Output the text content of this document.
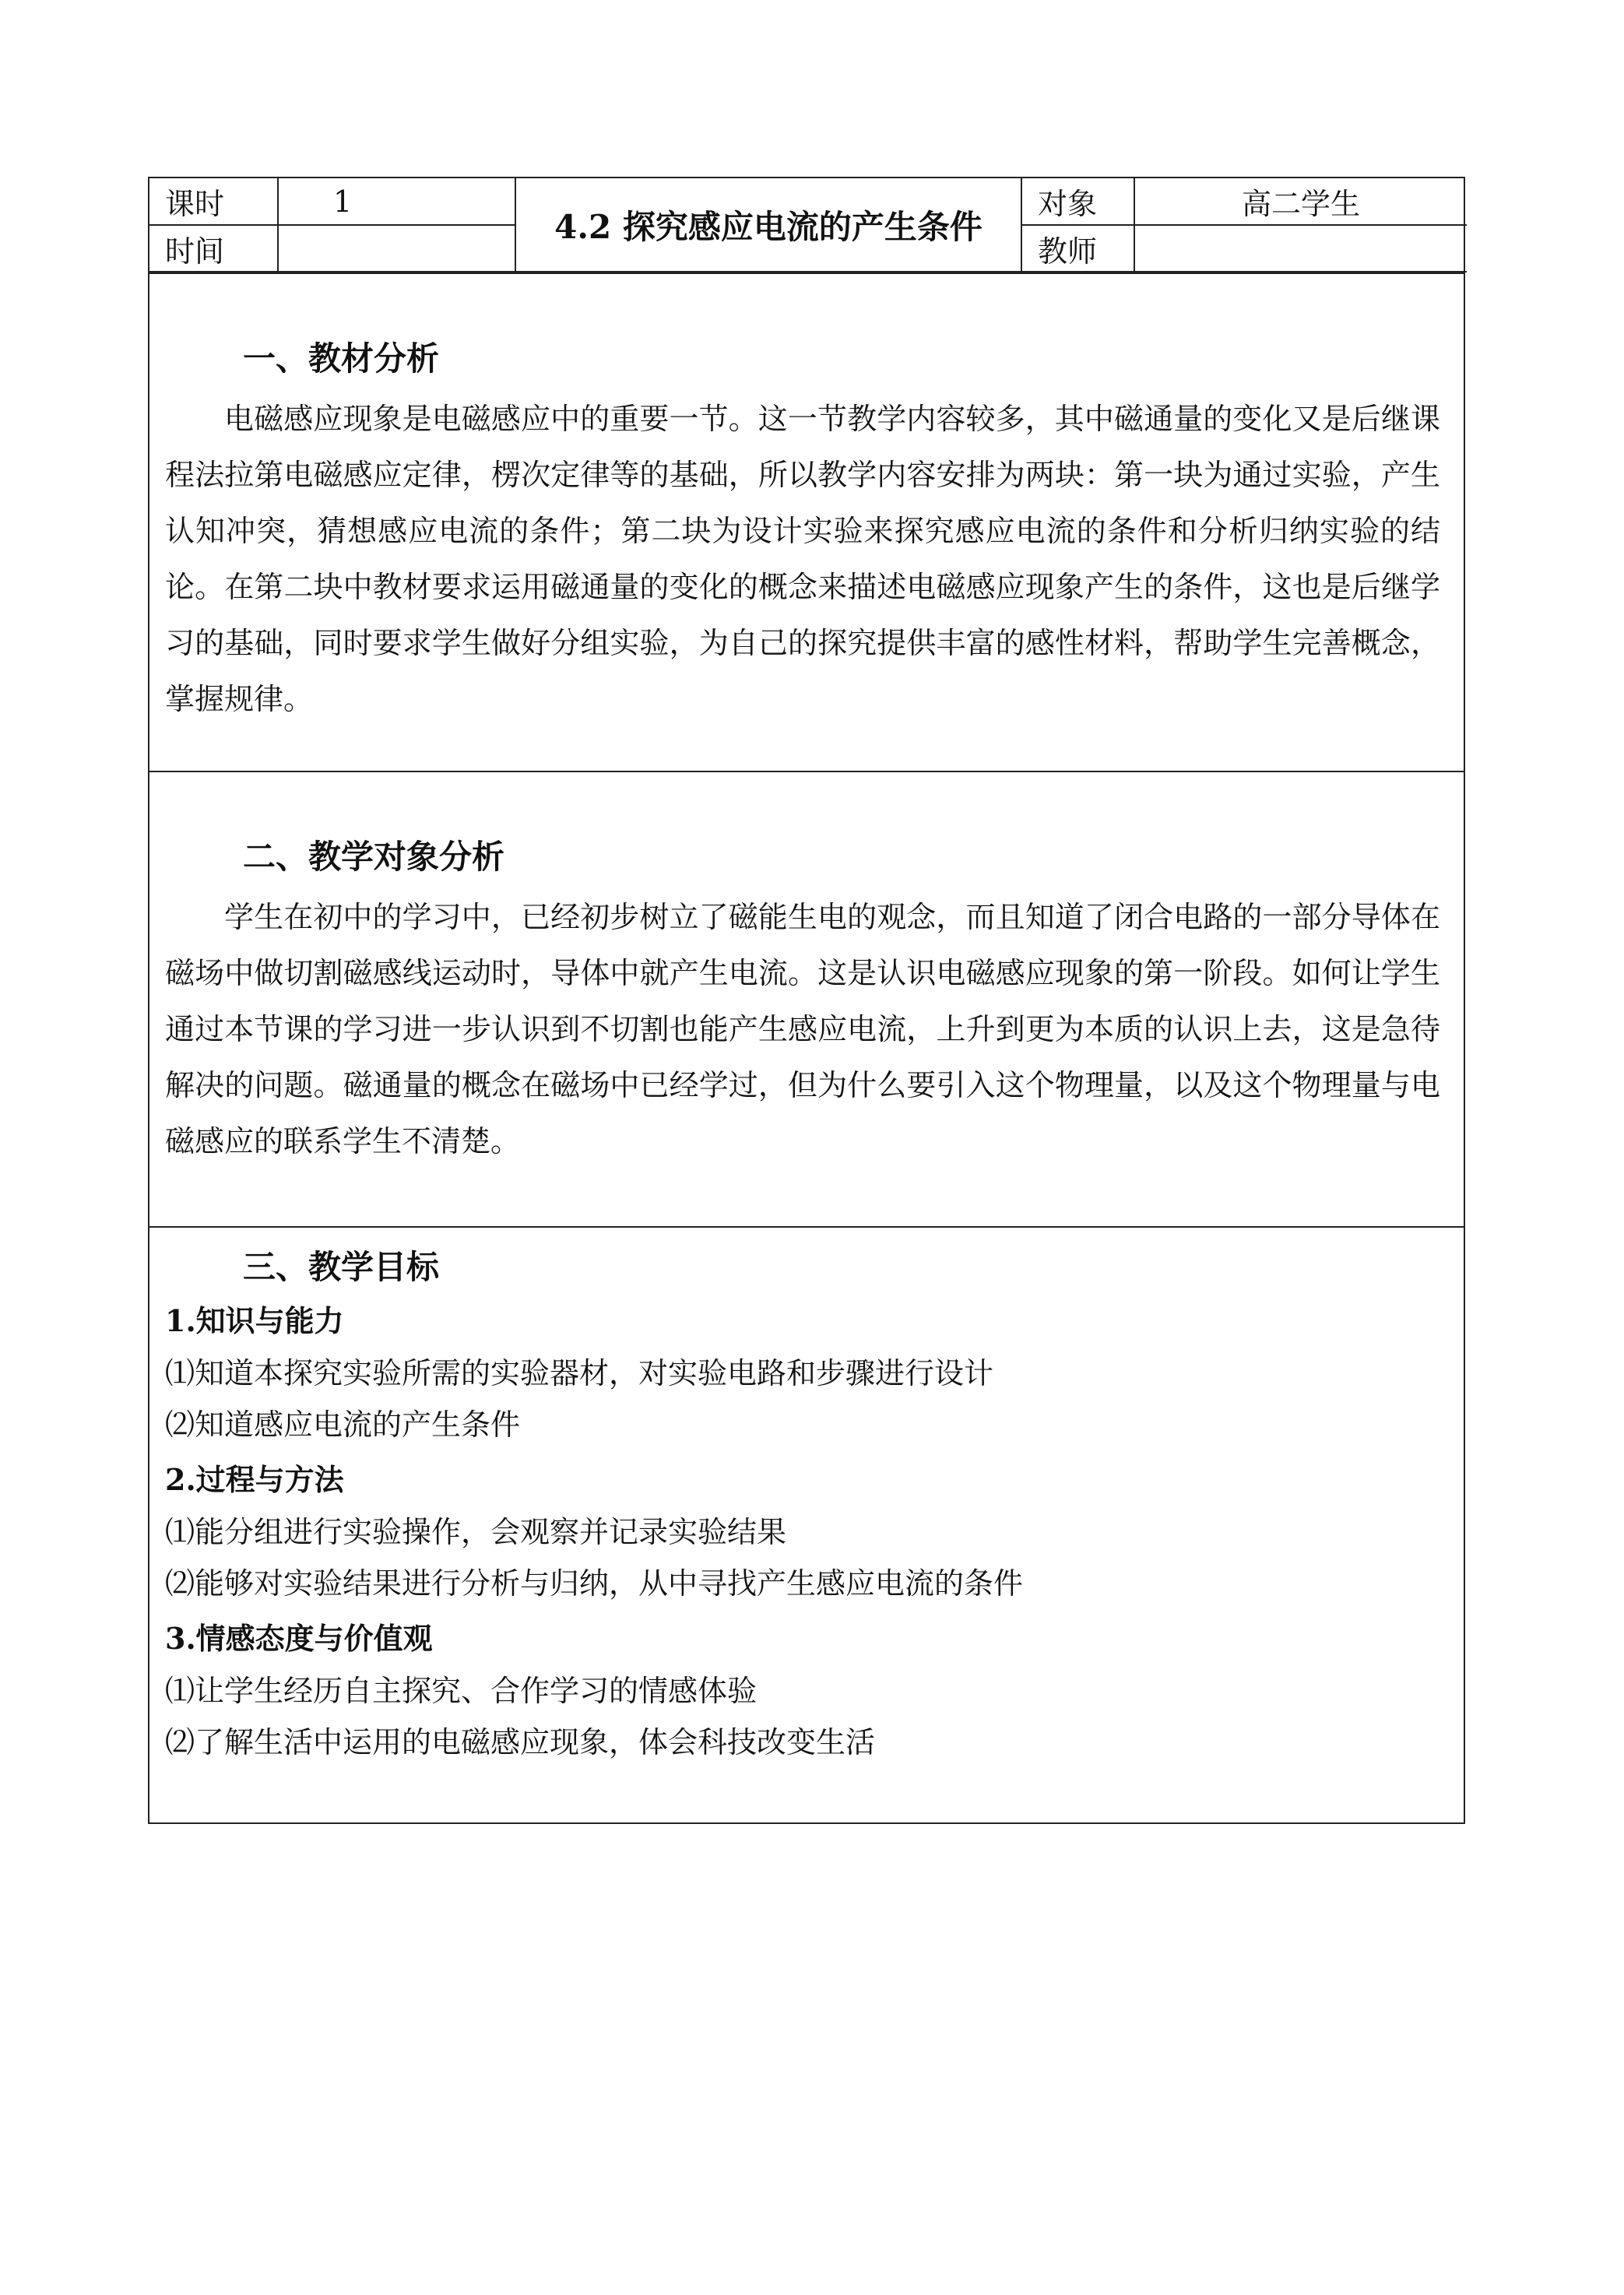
课时	1	4.2 探究感应电流的产生条件	对象	高二学生
时间			教师	
一、教材分析

电磁感应现象是电磁感应中的重要一节。这一节教学内容较多，其中磁通量的变化又是后继课程法拉第电磁感应定律，楞次定律等的基础，所以教学内容安排为两块：第一块为通过实验，产生认知冲突，猜想感应电流的条件；第二块为设计实验来探究感应电流的条件和分析归纳实验的结论。在第二块中教材要求运用磁通量的变化的概念来描述电磁感应现象产生的条件，这也是后继学习的基础，同时要求学生做好分组实验，为自己的探究提供丰富的感性材料，帮助学生完善概念，掌握规律。

二、教学对象分析

学生在初中的学习中，已经初步树立了磁能生电的观念，而且知道了闭合电路的一部分导体在磁场中做切割磁感线运动时，导体中就产生电流。这是认识电磁感应现象的第一阶段。如何让学生通过本节课的学习进一步认识到不切割也能产生感应电流，上升到更为本质的认识上去，这是急待解决的问题。磁通量的概念在磁场中已经学过，但为什么要引入这个物理量，以及这个物理量与电磁感应的联系学生不清楚。

三、教学目标
1.知识与能力

⑴知道本探究实验所需的实验器材，对实验电路和步骤进行设计

⑵知道感应电流的产生条件

2.过程与方法

⑴能分组进行实验操作，会观察并记录实验结果

⑵能够对实验结果进行分析与归纳，从中寻找产生感应电流的条件

3.情感态度与价值观

⑴让学生经历自主探究、合作学习的情感体验

⑵了解生活中运用的电磁感应现象，体会科技改变生活
